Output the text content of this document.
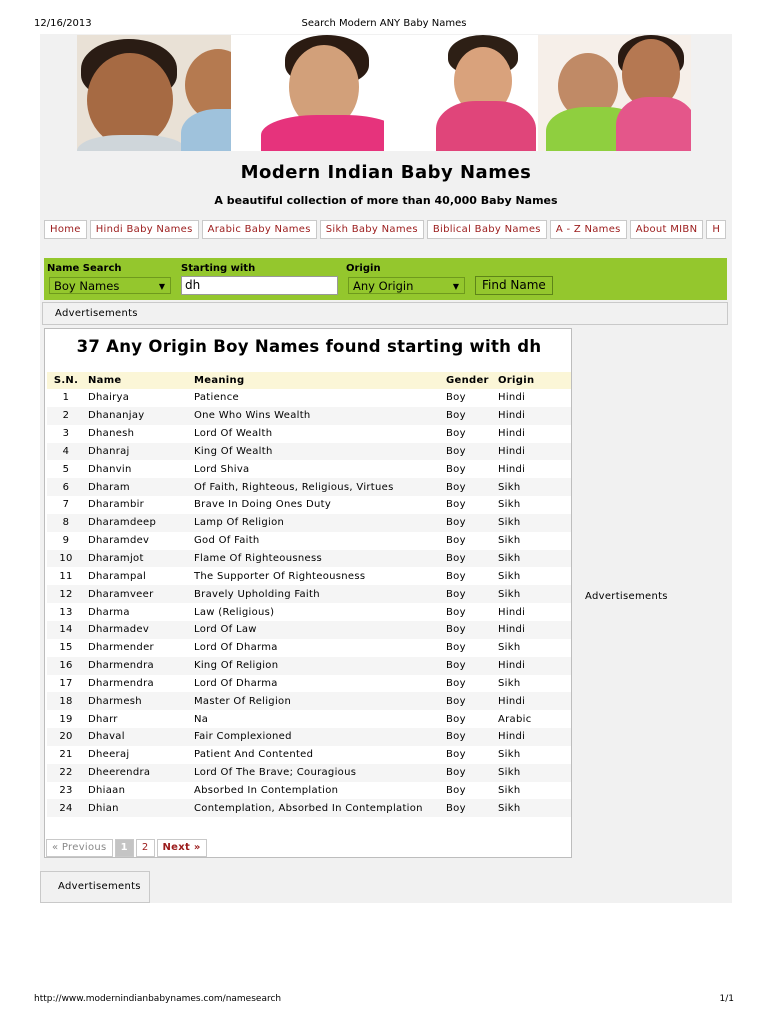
12/16/2013	Search Modern ANY Baby Names
Modern Indian Baby Names
A beautiful collection of more than 40,000 Baby Names
Home	Hindi Baby Names	Arabic Baby Names	Sikh Baby Names	Biblical Baby Names	A - Z Names	About MIBN	H
Name Search
Boy Names	▼
Starting with
dh
Origin
Any Origin	▼	Find Name
Advertisements
37 Any Origin Boy Names found starting with dh
S.N.	Name	Meaning	Gender	Origin
1	Dhairya	Patience	Boy	Hindi
2	Dhananjay	One Who Wins Wealth	Boy	Hindi
3	Dhanesh	Lord Of Wealth	Boy	Hindi
4	Dhanraj	King Of Wealth	Boy	Hindi
5	Dhanvin	Lord Shiva	Boy	Hindi
6	Dharam	Of Faith, Righteous, Religious, Virtues	Boy	Sikh
7	Dharambir	Brave In Doing Ones Duty	Boy	Sikh
8	Dharamdeep	Lamp Of Religion	Boy	Sikh
9	Dharamdev	God Of Faith	Boy	Sikh
10	Dharamjot	Flame Of Righteousness	Boy	Sikh
11	Dharampal	The Supporter Of Righteousness	Boy	Sikh
12	Dharamveer	Bravely Upholding Faith	Boy	Sikh
13	Dharma	Law (Religious)	Boy	Hindi
14	Dharmadev	Lord Of Law	Boy	Hindi
15	Dharmender	Lord Of Dharma	Boy	Sikh
16	Dharmendra	King Of Religion	Boy	Hindi
17	Dharmendra	Lord Of Dharma	Boy	Sikh
18	Dharmesh	Master Of Religion	Boy	Hindi
19	Dharr	Na	Boy	Arabic
20	Dhaval	Fair Complexioned	Boy	Hindi
21	Dheeraj	Patient And Contented	Boy	Sikh
22	Dheerendra	Lord Of The Brave; Couragious	Boy	Sikh
23	Dhiaan	Absorbed In Contemplation	Boy	Sikh
24	Dhian	Contemplation, Absorbed In Contemplation	Boy	Sikh
« Previous	1	2	Next »
Advertisements
Advertisements
http://www.modernindianbabynames.com/namesearch	1/1
